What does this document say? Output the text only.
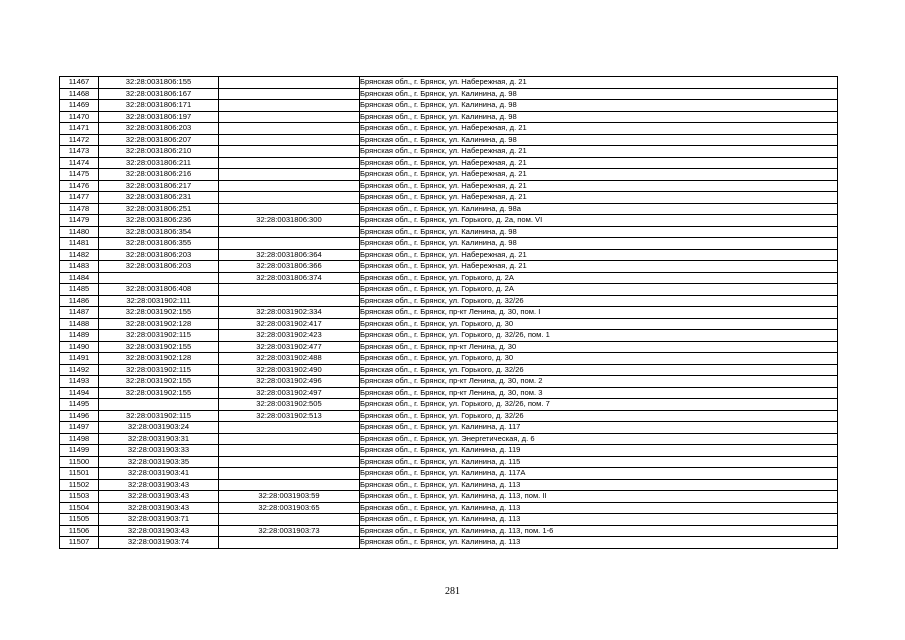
11467	32:28:0031806:155		Брянская обл., г. Брянск, ул. Набережная, д. 21
11468	32:28:0031806:167		Брянская обл., г. Брянск, ул. Калинина, д. 98
11469	32:28:0031806:171		Брянская обл., г. Брянск, ул. Калинина, д. 98
11470	32:28:0031806:197		Брянская обл., г. Брянск, ул. Калинина, д. 98
11471	32:28:0031806:203		Брянская обл., г. Брянск, ул. Набережная, д. 21
11472	32:28:0031806:207		Брянская обл., г. Брянск, ул. Калинина, д. 98
11473	32:28:0031806:210		Брянская обл., г. Брянск, ул. Набережная, д. 21
11474	32:28:0031806:211		Брянская обл., г. Брянск, ул. Набережная, д. 21
11475	32:28:0031806:216		Брянская обл., г. Брянск, ул. Набережная, д. 21
11476	32:28:0031806:217		Брянская обл., г. Брянск, ул. Набережная, д. 21
11477	32:28:0031806:231		Брянская обл., г. Брянск, ул. Набережная, д. 21
11478	32:28:0031806:251		Брянская обл., г. Брянск, ул. Калинина, д. 98а
11479	32:28:0031806:236	32:28:0031806:300	Брянская обл., г. Брянск, ул. Горького, д. 2а, пом. VI
11480	32:28:0031806:354		Брянская обл., г. Брянск, ул. Калинина, д. 98
11481	32:28:0031806:355		Брянская обл., г. Брянск, ул. Калинина, д. 98
11482	32:28:0031806:203	32:28:0031806:364	Брянская обл., г. Брянск, ул. Набережная, д. 21
11483	32:28:0031806:203	32:28:0031806:366	Брянская обл., г. Брянск, ул. Набережная, д. 21
11484		32:28:0031806:374	Брянская обл., г. Брянск, ул. Горького, д. 2А
11485	32:28:0031806:408		Брянская обл., г. Брянск, ул. Горького, д. 2А
11486	32:28:0031902:111		Брянская обл., г. Брянск, ул. Горького, д. 32/26
11487	32:28:0031902:155	32:28:0031902:334	Брянская обл., г. Брянск, пр-кт Ленина, д. 30, пом. I
11488	32:28:0031902:128	32:28:0031902:417	Брянская обл., г. Брянск, ул. Горького, д. 30
11489	32:28:0031902:115	32:28:0031902:423	Брянская обл., г. Брянск, ул. Горького, д. 32/26, пом. 1
11490	32:28:0031902:155	32:28:0031902:477	Брянская обл., г. Брянск, пр-кт Ленина, д. 30
11491	32:28:0031902:128	32:28:0031902:488	Брянская обл., г. Брянск, ул. Горького, д. 30
11492	32:28:0031902:115	32:28:0031902:490	Брянская обл., г. Брянск, ул. Горького, д. 32/26
11493	32:28:0031902:155	32:28:0031902:496	Брянская обл., г. Брянск, пр-кт Ленина, д. 30, пом. 2
11494	32:28:0031902:155	32:28:0031902:497	Брянская обл., г. Брянск, пр-кт Ленина, д. 30, пом. 3
11495		32:28:0031902:505	Брянская обл., г. Брянск, ул. Горького, д. 32/26, пом. 7
11496	32:28:0031902:115	32:28:0031902:513	Брянская обл., г. Брянск, ул. Горького, д. 32/26
11497	32:28:0031903:24		Брянская обл., г. Брянск, ул. Калинина, д. 117
11498	32:28:0031903:31		Брянская обл., г. Брянск, ул. Энергетическая, д. 6
11499	32:28:0031903:33		Брянская обл., г. Брянск, ул. Калинина, д. 119
11500	32:28:0031903:35		Брянская обл., г. Брянск, ул. Калинина, д. 115
11501	32:28:0031903:41		Брянская обл., г. Брянск, ул. Калинина, д. 117А
11502	32:28:0031903:43		Брянская обл., г. Брянск, ул. Калинина, д. 113
11503	32:28:0031903:43	32:28:0031903:59	Брянская обл., г. Брянск, ул. Калинина, д. 113, пом. II
11504	32:28:0031903:43	32:28:0031903:65	Брянская обл., г. Брянск, ул. Калинина, д. 113
11505	32:28:0031903:71		Брянская обл., г. Брянск, ул. Калинина, д. 113
11506	32:28:0031903:43	32:28:0031903:73	Брянская обл., г. Брянск, ул. Калинина, д. 113, пом. 1-6
11507	32:28:0031903:74		Брянская обл., г. Брянск, ул. Калинина, д. 113
281
